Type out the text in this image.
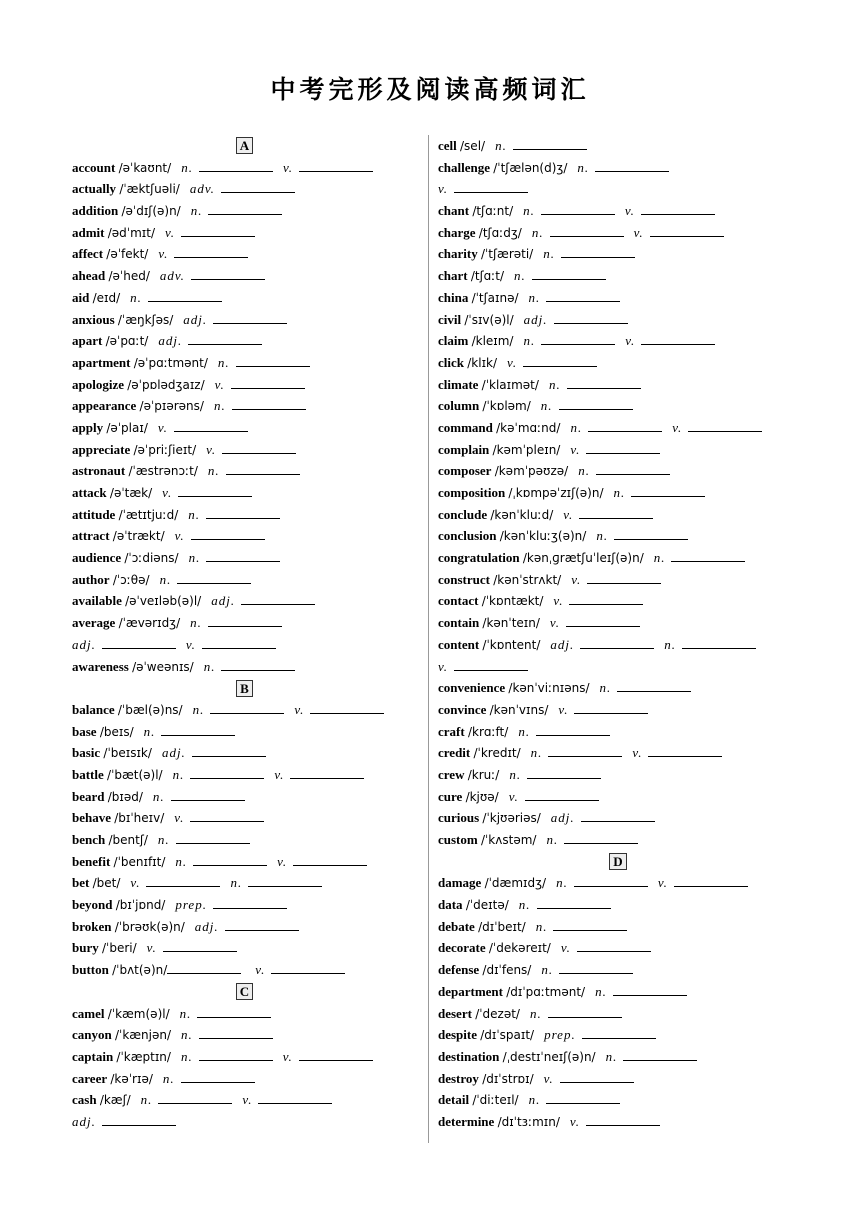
中考完形及阅读高频词汇
A
account /əˈkaʊnt/ n.	v.
actually /ˈæktʃuəli/ adv.
addition /əˈdɪʃ(ə)n/ n.
admit /ədˈmɪt/ v.
affect /əˈfekt/ v.
ahead /əˈhed/ adv.
aid /eɪd/ n.
anxious /ˈæŋkʃəs/ adj.
apart /əˈpɑːt/ adj.
apartment /əˈpɑːtmənt/ n.
apologize /əˈpɒlədʒaɪz/ v.
appearance /əˈpɪərəns/ n.
apply /əˈplaɪ/ v.
appreciate /əˈpriːʃieɪt/ v.
astronaut /ˈæstrənɔːt/ n.
attack /əˈtæk/ v.
attitude /ˈætɪtjuːd/ n.
attract /əˈtrækt/ v.
audience /ˈɔːdiəns/ n.
author /ˈɔːθə/ n.
available /əˈveɪləb(ə)l/ adj.
average /ˈævərɪdʒ/ n.
adj.	v.
awareness /əˈweənɪs/ n.
B
balance /ˈbæl(ə)ns/ n.	v.
base /beɪs/ n.
basic /ˈbeɪsɪk/ adj.
battle /ˈbæt(ə)l/ n.	v.
beard /bɪəd/ n.
behave /bɪˈheɪv/ v.
bench /bentʃ/ n.
benefit /ˈbenɪfɪt/ n.	v.
bet /bet/ v.	n.
beyond /bɪˈjɒnd/ prep.
broken /ˈbrəʊk(ə)n/ adj.
bury /ˈberi/ v.
button /ˈbʌt(ə)n/	v.
C
camel /ˈkæm(ə)l/ n.
canyon /ˈkænjən/ n.
captain /ˈkæptɪn/ n.	v.
career /kəˈrɪə/ n.
cash /kæʃ/ n.	v.
adj.
cell /sel/ n.
challenge /ˈtʃælən(d)ʒ/ n.
v.
chant /tʃɑːnt/ n.	v.
charge /tʃɑːdʒ/ n.	v.
charity /ˈtʃærəti/ n.
chart /tʃɑːt/ n.
china /ˈtʃaɪnə/ n.
civil /ˈsɪv(ə)l/ adj.
claim /kleɪm/ n.	v.
click /klɪk/ v.
climate /ˈklaɪmət/ n.
column /ˈkɒləm/ n.
command /kəˈmɑːnd/ n.	v.
complain /kəmˈpleɪn/ v.
composer /kəmˈpəʊzə/ n.
composition /ˌkɒmpəˈzɪʃ(ə)n/ n.
conclude /kənˈkluːd/ v.
conclusion /kənˈkluːʒ(ə)n/ n.
congratulation /kənˌɡrætʃuˈleɪʃ(ə)n/ n.
construct /kənˈstrʌkt/ v.
contact /ˈkɒntækt/ v.
contain /kənˈteɪn/ v.
content /ˈkɒntent/ adj.	n.
v.
convenience /kənˈviːnɪəns/ n.
convince /kənˈvɪns/ v.
craft /krɑːft/ n.
credit /ˈkredɪt/ n.	v.
crew /kruː/ n.
cure /kjʊə/ v.
curious /ˈkjʊəriəs/ adj.
custom /ˈkʌstəm/ n.
D
damage /ˈdæmɪdʒ/ n.	v.
data /ˈdeɪtə/ n.
debate /dɪˈbeɪt/ n.
decorate /ˈdekəreɪt/ v.
defense /dɪˈfens/ n.
department /dɪˈpɑːtmənt/ n.
desert /ˈdezət/ n.
despite /dɪˈspaɪt/ prep.
destination /ˌdestɪˈneɪʃ(ə)n/ n.
destroy /dɪˈstrɒɪ/ v.
detail /ˈdiːteɪl/ n.
determine /dɪˈtɜːmɪn/ v.
